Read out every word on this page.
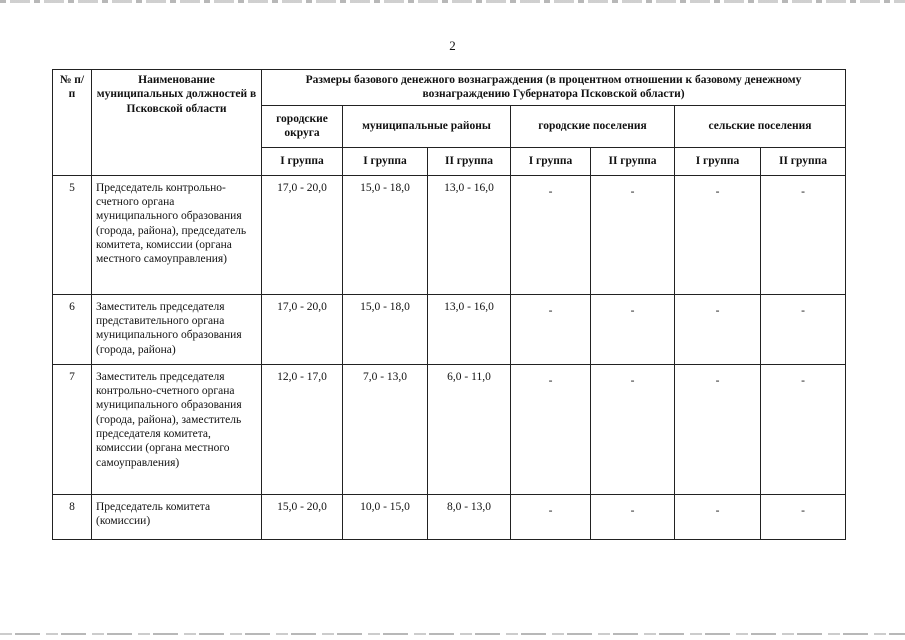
2
№ п/п	Наименование муниципальных должностей в Псковской области	Размеры базового денежного вознаграждения (в процентном отношении к базовому денежному вознаграждению Губернатора Псковской области)						
		городские округа	муниципальные районы		городские поселения		сельские поселения	
		I группа	I группа	II группа	I группа	II группа	I группа	II группа
5	Председатель контрольно-счетного органа муниципального образования (города, района), председатель комитета, комиссии (органа местного самоуправления)	17,0 - 20,0	15,0 - 18,0	13,0 - 16,0	-	-	-	-
6	Заместитель председателя представительного органа муниципального образования (города, района)	17,0 - 20,0	15,0 - 18,0	13,0 - 16,0	-	-	-	-
7	Заместитель председателя контрольно-счетного органа муниципального образования (города, района), заместитель председателя комитета, комиссии (органа местного самоуправления)	12,0 - 17,0	7,0 - 13,0	6,0 - 11,0	-	-	-	-
8	Председатель комитета (комиссии)	15,0 - 20,0	10,0 - 15,0	8,0 - 13,0	-	-	-	-
